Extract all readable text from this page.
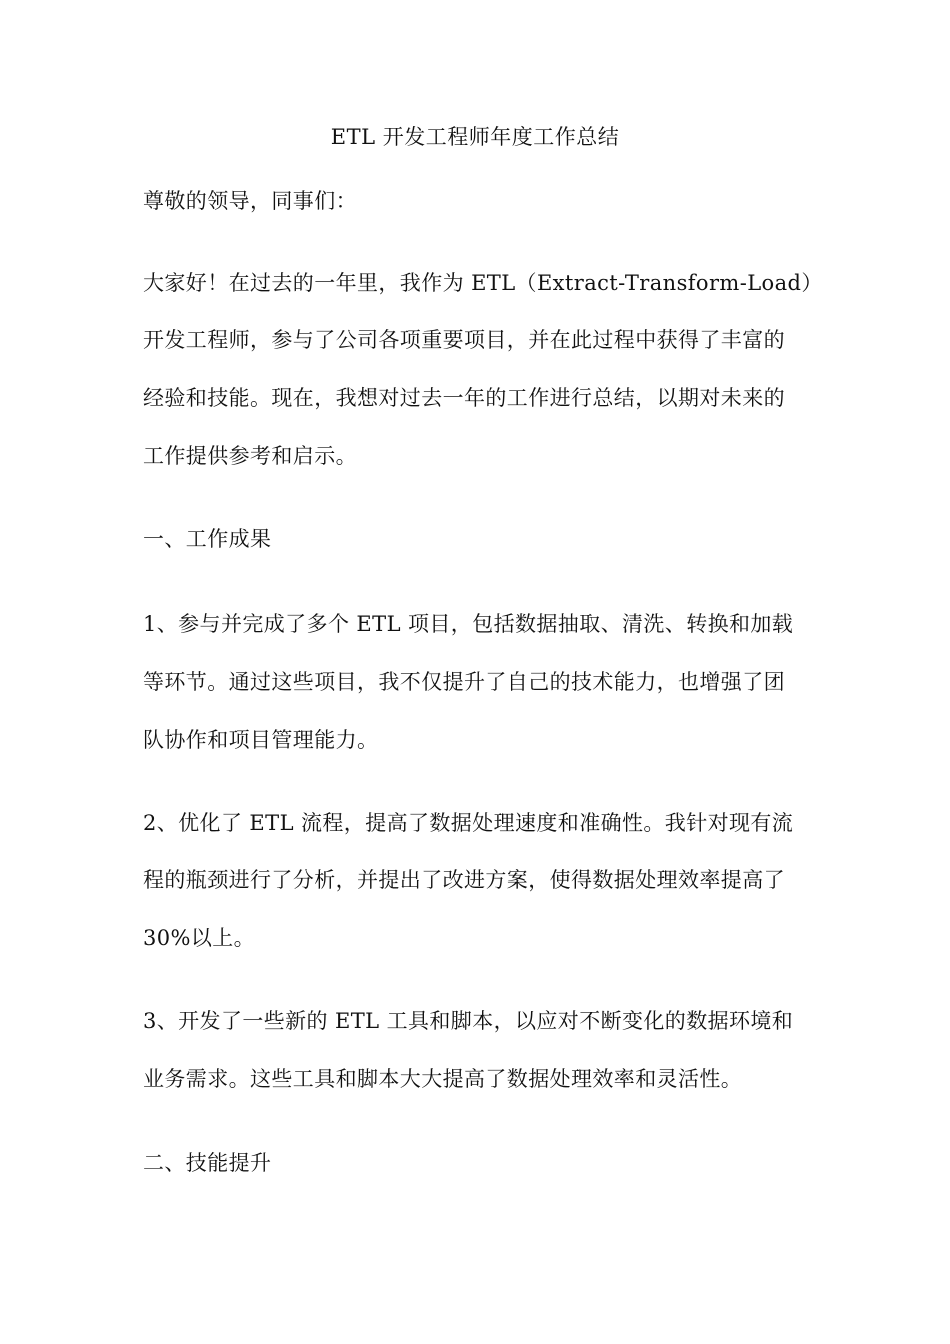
ETL 开发工程师年度工作总结
尊敬的领导，同事们：
大家好！在过去的一年里，我作为 ETL（Extract-Transform-Load）
开发工程师，参与了公司各项重要项目，并在此过程中获得了丰富的
经验和技能。现在，我想对过去一年的工作进行总结，以期对未来的
工作提供参考和启示。
一、工作成果
1、参与并完成了多个 ETL 项目，包括数据抽取、清洗、转换和加载
等环节。通过这些项目，我不仅提升了自己的技术能力，也增强了团
队协作和项目管理能力。
2、优化了 ETL 流程，提高了数据处理速度和准确性。我针对现有流
程的瓶颈进行了分析，并提出了改进方案，使得数据处理效率提高了
30%以上。
3、开发了一些新的 ETL 工具和脚本，以应对不断变化的数据环境和
业务需求。这些工具和脚本大大提高了数据处理效率和灵活性。
二、技能提升
